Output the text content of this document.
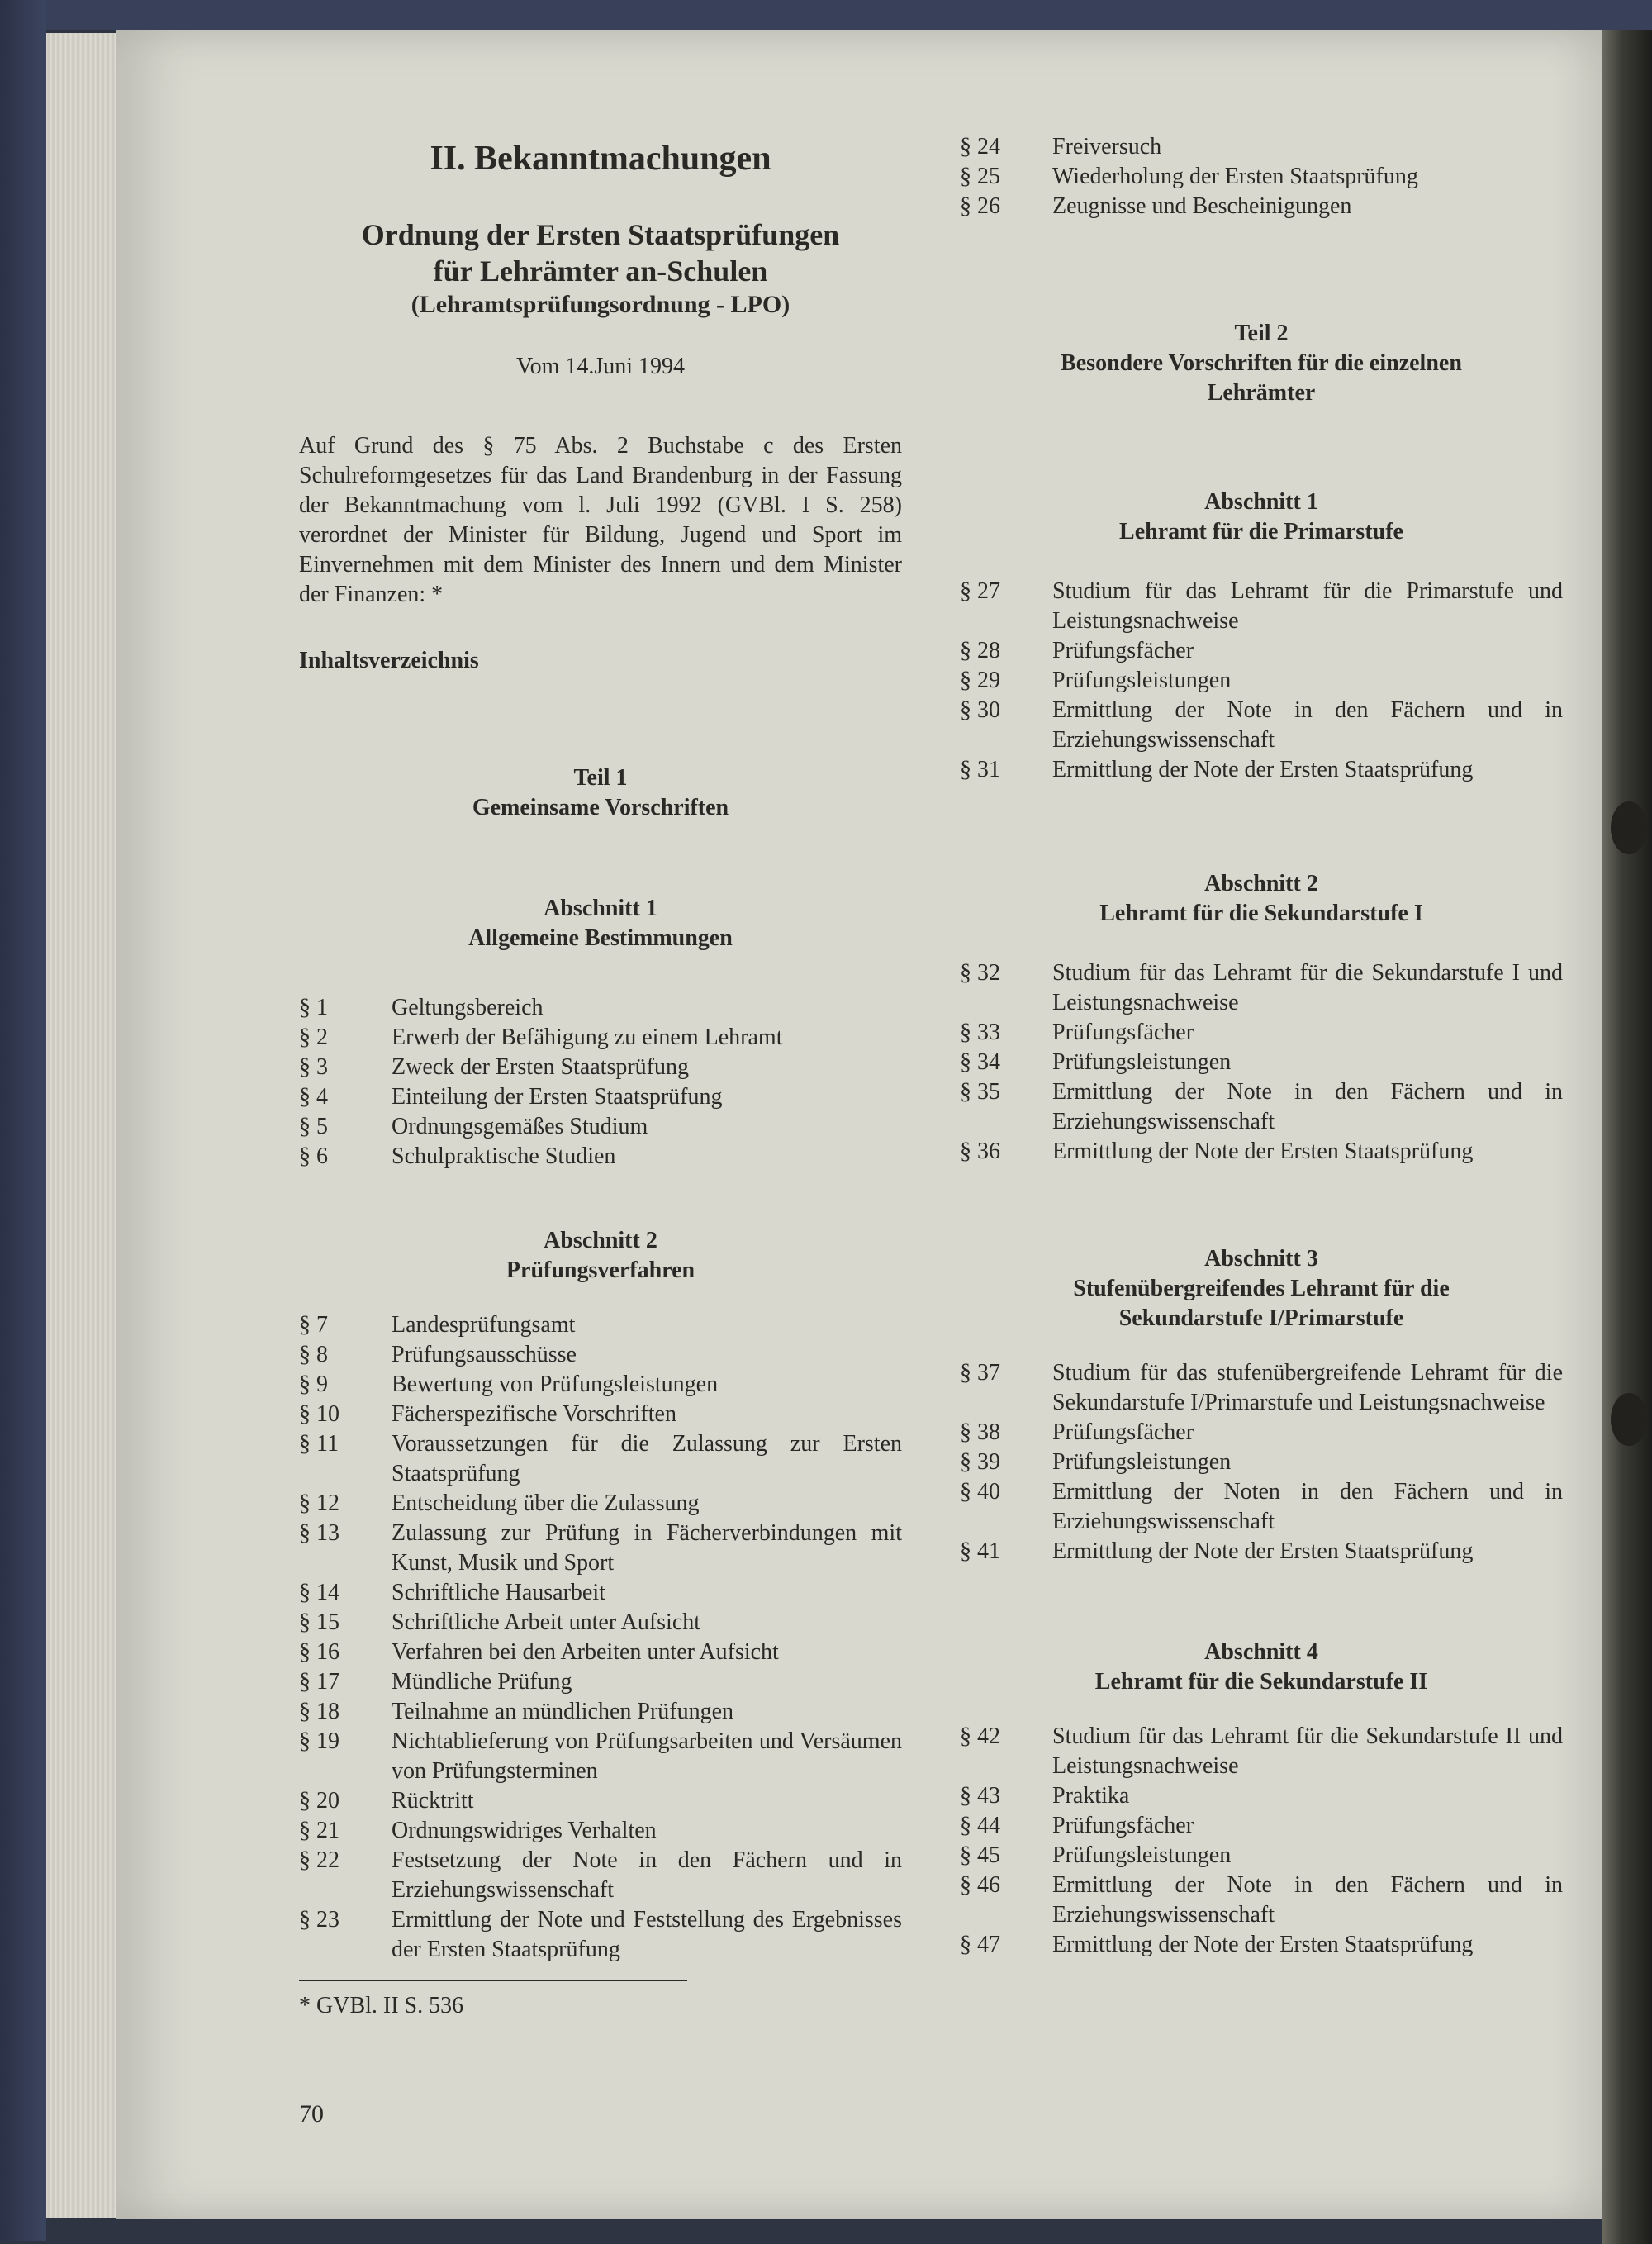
II. Bekanntmachungen
Ordnung der Ersten Staatsprüfungen
für Lehrämter an-Schulen
(Lehramtsprüfungsordnung - LPO)
Vom 14.Juni 1994
Auf Grund des § 75 Abs. 2 Buchstabe c des Ersten Schulreformgesetzes für das Land Brandenburg in der Fassung der Bekanntmachung vom l. Juli 1992 (GVBl. I S. 258) verordnet der Minister für Bildung, Jugend und Sport im Einvernehmen mit dem Minister des Innern und dem Minister der Finanzen: *
Inhaltsverzeichnis
Teil 1
Gemeinsame Vorschriften
Abschnitt 1
Allgemeine Bestimmungen
§ 1	Geltungsbereich
§ 2	Erwerb der Befähigung zu einem Lehramt
§ 3	Zweck der Ersten Staatsprüfung
§ 4	Einteilung der Ersten Staatsprüfung
§ 5	Ordnungsgemäßes Studium
§ 6	Schulpraktische Studien
Abschnitt 2
Prüfungsverfahren
§ 7	Landesprüfungsamt
§ 8	Prüfungsausschüsse
§ 9	Bewertung von Prüfungsleistungen
§ 10	Fächerspezifische Vorschriften
§ 11	Voraussetzungen für die Zulassung zur Ersten Staatsprüfung
§ 12	Entscheidung über die Zulassung
§ 13	Zulassung zur Prüfung in Fächerverbindungen mit Kunst, Musik und Sport
§ 14	Schriftliche Hausarbeit
§ 15	Schriftliche Arbeit unter Aufsicht
§ 16	Verfahren bei den Arbeiten unter Aufsicht
§ 17	Mündliche Prüfung
§ 18	Teilnahme an mündlichen Prüfungen
§ 19	Nichtablieferung von Prüfungsarbeiten und Versäumen von Prüfungsterminen
§ 20	Rücktritt
§ 21	Ordnungswidriges Verhalten
§ 22	Festsetzung der Note in den Fächern und in Erziehungswissenschaft
§ 23	Ermittlung der Note und Feststellung des Ergebnisses der Ersten Staatsprüfung
* GVBl. II S. 536
§ 24	Freiversuch
§ 25	Wiederholung der Ersten Staatsprüfung
§ 26	Zeugnisse und Bescheinigungen
Teil 2
Besondere Vorschriften für die einzelnen
Lehrämter
Abschnitt 1
Lehramt für die Primarstufe
§ 27	Studium für das Lehramt für die Primarstufe und Leistungsnachweise
§ 28	Prüfungsfächer
§ 29	Prüfungsleistungen
§ 30	Ermittlung der Note in den Fächern und in Erziehungswissenschaft
§ 31	Ermittlung der Note der Ersten Staatsprüfung
Abschnitt 2
Lehramt für die Sekundarstufe I
§ 32	Studium für das Lehramt für die Sekundarstufe I und Leistungsnachweise
§ 33	Prüfungsfächer
§ 34	Prüfungsleistungen
§ 35	Ermittlung der Note in den Fächern und in Erziehungswissenschaft
§ 36	Ermittlung der Note der Ersten Staatsprüfung
Abschnitt 3
Stufenübergreifendes Lehramt für die
Sekundarstufe I/Primarstufe
§ 37	Studium für das stufenübergreifende Lehramt für die Sekundarstufe I/Primarstufe und Leistungsnachweise
§ 38	Prüfungsfächer
§ 39	Prüfungsleistungen
§ 40	Ermittlung der Noten in den Fächern und in Erziehungswissenschaft
§ 41	Ermittlung der Note der Ersten Staatsprüfung
Abschnitt 4
Lehramt für die Sekundarstufe II
§ 42	Studium für das Lehramt für die Sekundarstufe II und Leistungsnachweise
§ 43	Praktika
§ 44	Prüfungsfächer
§ 45	Prüfungsleistungen
§ 46	Ermittlung der Note in den Fächern und in Erziehungswissenschaft
§ 47	Ermittlung der Note der Ersten Staatsprüfung
70
